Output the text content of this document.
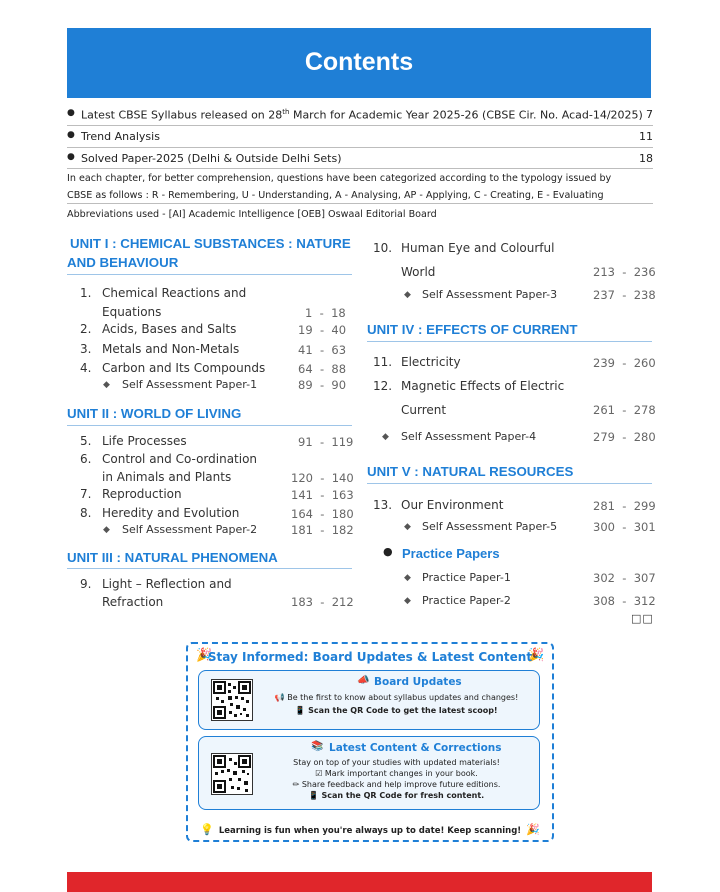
Contents
● Latest CBSE Syllabus released on 28th March for Academic Year 2025-26 (CBSE Cir. No. Acad-14/2025) 7
● Trend Analysis	11
● Solved Paper-2025 (Delhi & Outside Delhi Sets)	18
In each chapter, for better comprehension, questions have been categorized according to the typology issued by
CBSE as follows : R - Remembering, U - Understanding, A - Analysing, AP - Applying, C - Creating, E - Evaluating
Abbreviations used - [AI] Academic Intelligence [OEB] Oswaal Editorial Board
UNIT I : CHEMICAL SUBSTANCES : NATURE
AND BEHAVIOUR
1. Chemical Reactions and
Equations	1  -  18
2. Acids, Bases and Salts	19  -  40
3. Metals and Non-Metals	41  -  63
4. Carbon and Its Compounds	64  -  88
◆ Self Assessment Paper-1	89  -  90
UNIT II : WORLD OF LIVING
5. Life Processes	91  -  119
6. Control and Co-ordination
in Animals and Plants	120  -  140
7. Reproduction	141  -  163
8. Heredity and Evolution	164  -  180
◆ Self Assessment Paper-2	181  -  182
UNIT III : NATURAL PHENOMENA
9. Light – Reflection and
Refraction	183  -  212
10. Human Eye and Colourful
World	213  -  236
◆ Self Assessment Paper-3	237  -  238
UNIT IV : EFFECTS OF CURRENT
11. Electricity	239  -  260
12. Magnetic Effects of Electric
Current	261  -  278
◆ Self Assessment Paper-4	279  -  280
UNIT V : NATURAL RESOURCES
13. Our Environment	281  -  299
◆ Self Assessment Paper-5	300  -  301
● Practice Papers
◆ Practice Paper-1	302  -  307
◆ Practice Paper-2	308  -  312
□□
🎉	🎉
Stay Informed: Board Updates & Latest Content
📣 Board Updates
📢 Be the first to know about syllabus updates and changes!
📱 Scan the QR Code to get the latest scoop!
📚 Latest Content & Corrections
Stay on top of your studies with updated materials!
☑ Mark important changes in your book.
✏ Share feedback and help improve future editions.
📱 Scan the QR Code for fresh content.
💡 Learning is fun when you're always up to date! Keep scanning! 🎉
